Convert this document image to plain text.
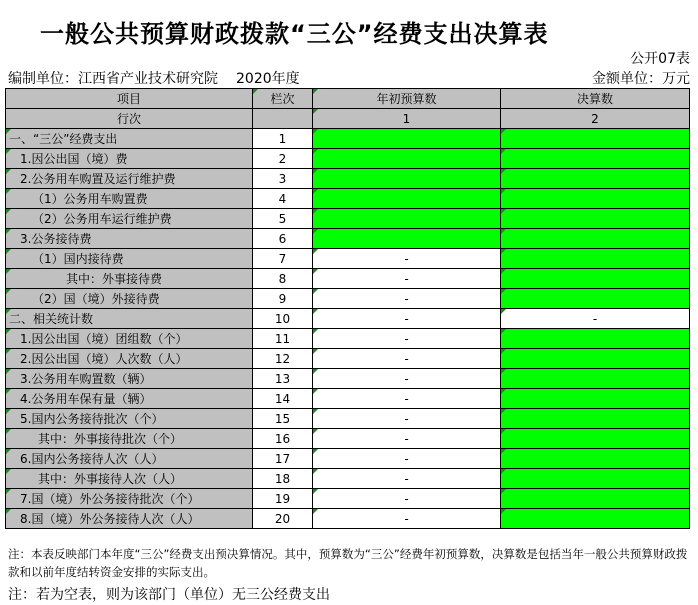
一般公共预算财政拨款“三公”经费支出决算表
公开07表
编制单位：江西省产业技术研究院 2020年度	金额单位：万元
项目	栏次	年初预算数	决算数
行次		1	2
一、“三公”经费支出	1		
1.因公出国（境）费	2		
2.公务用车购置及运行维护费	3		
（1）公务用车购置费	4		
（2）公务用车运行维护费	5		
3.公务接待费	6		
（1）国内接待费	7	-	
其中：外事接待费	8	-	
（2）国（境）外接待费	9	-	
二、相关统计数	10	-	-
1.因公出国（境）团组数（个）	11	-	
2.因公出国（境）人次数（人）	12	-	
3.公务用车购置数（辆）	13	-	
4.公务用车保有量（辆）	14	-	
5.国内公务接待批次（个）	15	-	
其中：外事接待批次（个）	16	-	
6.国内公务接待人次（人）	17	-	
其中：外事接待人次（人）	18	-	
7.国（境）外公务接待批次（个）	19	-	
8.国（境）外公务接待人次（人）	20	-	
注：本表反映部门本年度“三公”经费支出预决算情况。其中，预算数为“三公”经费年初预算数，决算数是包括当年一般公共预算财政拨款和以前年度结转资金安排的实际支出。
注：若为空表，则为该部门（单位）无三公经费支出
